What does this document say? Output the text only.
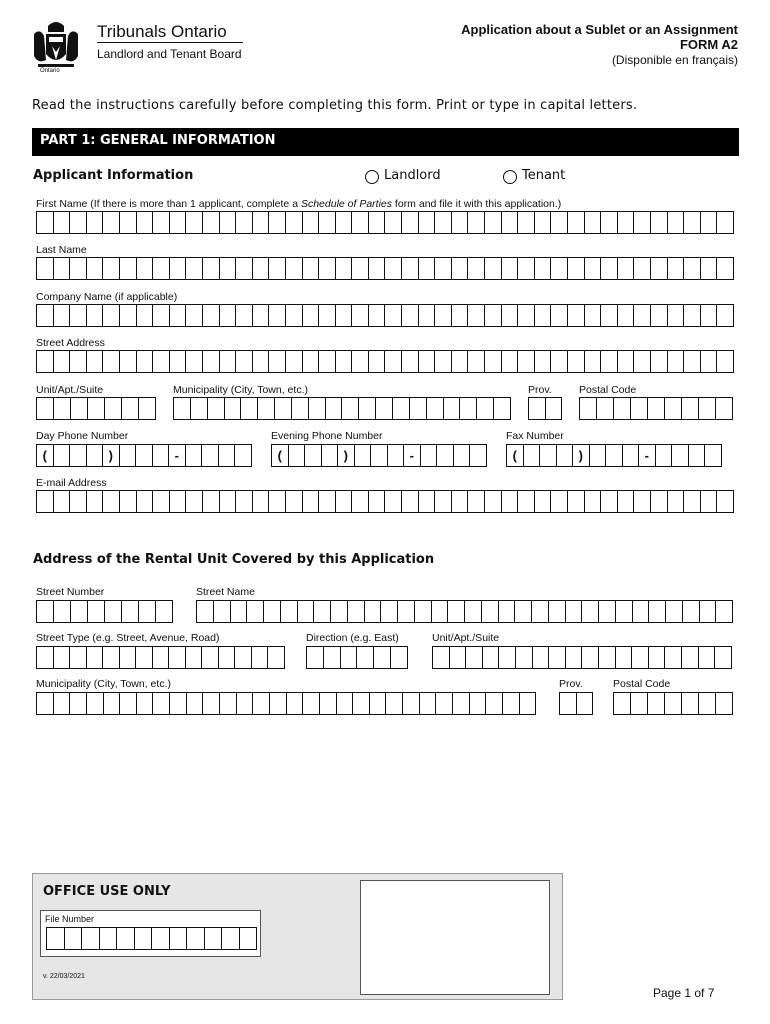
Ontario
Tribunals Ontario
Landlord and Tenant Board
Application about a Sublet or an Assignment
FORM A2
(Disponible en français)
Read the instructions carefully before completing this form. Print or type in capital letters.
PART 1: GENERAL INFORMATION
Applicant Information	Landlord	Tenant
First Name (If there is more than 1 applicant, complete a Schedule of Parties form and file it with this application.)
Last Name
Company Name (if applicable)
Street Address
Unit/Apt./Suite	Municipality (City, Town, etc.)	Prov.	Postal Code
Day Phone Number
(	)	-
Evening Phone Number
(	)	-
Fax Number
(	)	-
E-mail Address
Address of the Rental Unit Covered by this Application
Street Number	Street Name
Street Type (e.g. Street, Avenue, Road)	Direction (e.g. East)	Unit/Apt./Suite
Municipality (City, Town, etc.)	Prov.	Postal Code
OFFICE USE ONLY
File Number
v. 22/03/2021
Page 1 of 7
